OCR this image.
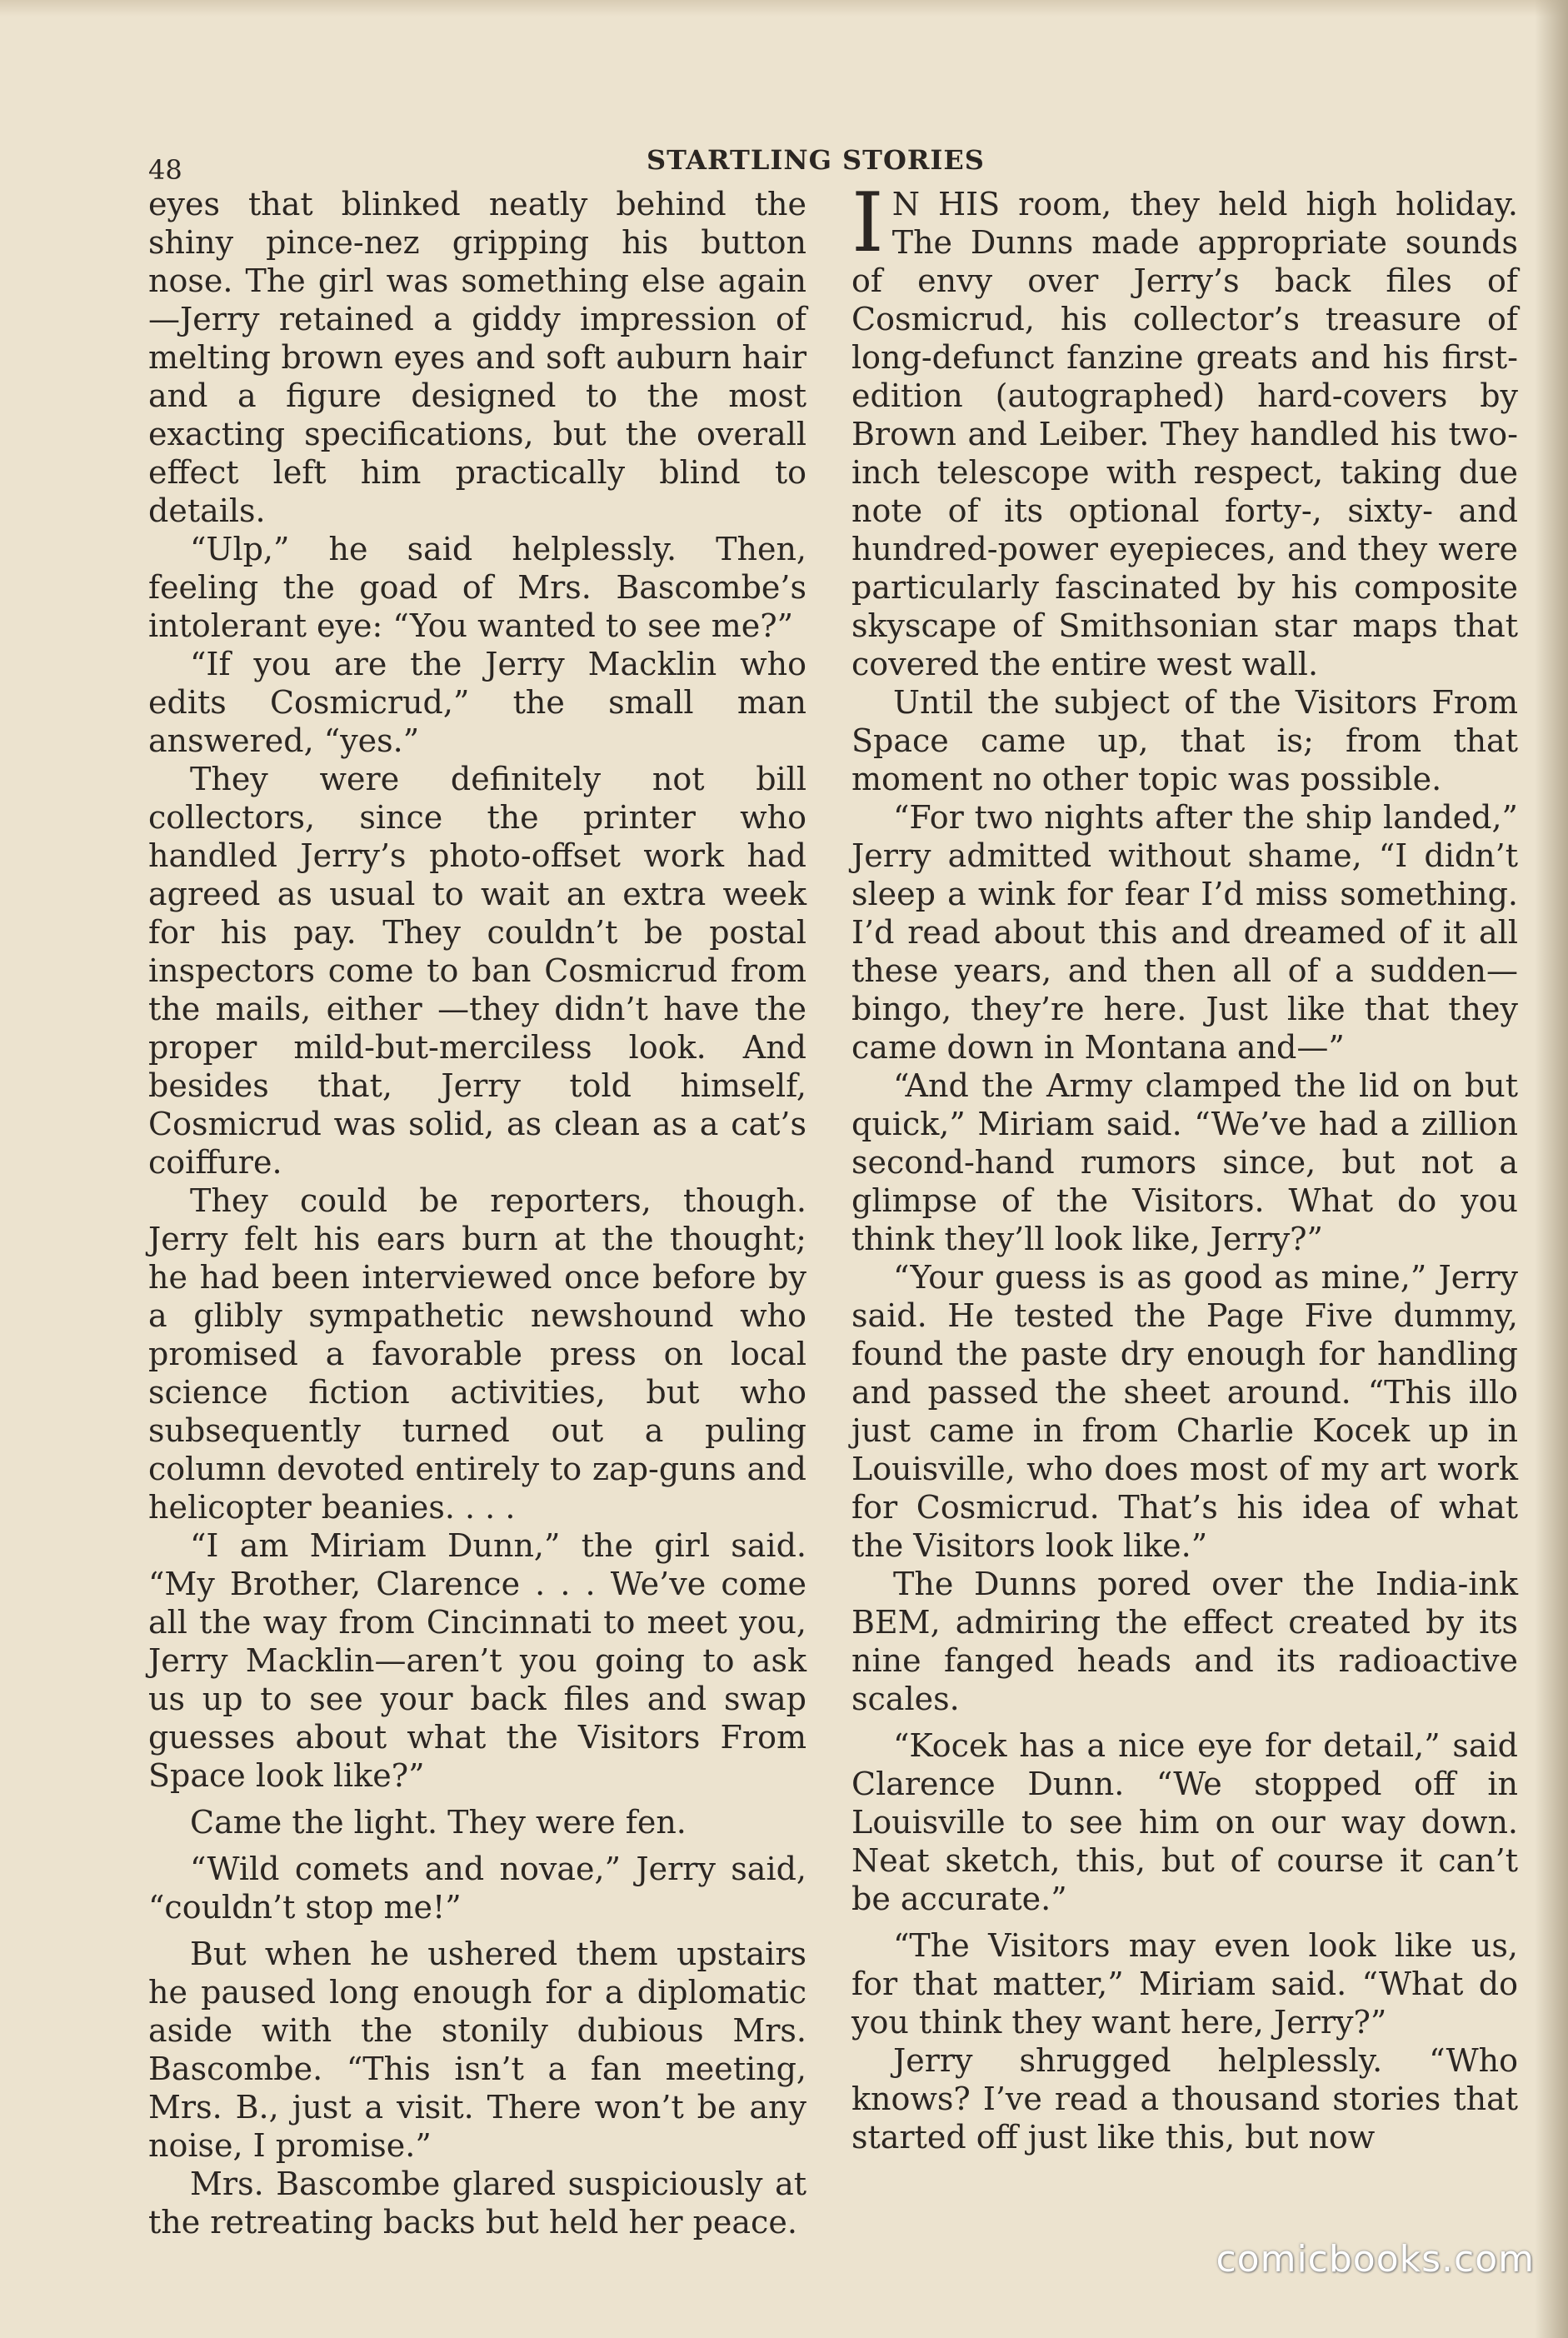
48	STARTLING STORIES

eyes that blinked neatly behind the shiny pince-nez gripping his button nose. The girl was something else again —Jerry retained a giddy impression of melting brown eyes and soft auburn hair and a figure designed to the most exacting specifications, but the overall effect left him practically blind to details.

“Ulp,” he said helplessly. Then, feeling the goad of Mrs. Bascombe’s intolerant eye: “You wanted to see me?”

“If you are the Jerry Macklin who edits Cosmicrud,” the small man answered, “yes.”

They were definitely not bill collectors, since the printer who handled Jerry’s photo-offset work had agreed as usual to wait an extra week for his pay. They couldn’t be postal inspectors come to ban Cosmicrud from the mails, either —they didn’t have the proper mild-but-merciless look. And besides that, Jerry told himself, Cosmicrud was solid, as clean as a cat’s coiffure.

They could be reporters, though. Jerry felt his ears burn at the thought; he had been interviewed once before by a glibly sympathetic newshound who promised a favorable press on local science fiction activities, but who subsequently turned out a puling column devoted entirely to zap-guns and helicopter beanies. . . .

“I am Miriam Dunn,” the girl said. “My Brother, Clarence . . . We’ve come all the way from Cincinnati to meet you, Jerry Macklin—aren’t you going to ask us up to see your back files and swap guesses about what the Visitors From Space look like?”

Came the light. They were fen.

“Wild comets and novae,” Jerry said, “couldn’t stop me!”

But when he ushered them upstairs he paused long enough for a diplomatic aside with the stonily dubious Mrs. Bascombe. “This isn’t a fan meeting, Mrs. B., just a visit. There won’t be any noise, I promise.”

Mrs. Bascombe glared suspiciously at the retreating backs but held her peace.

I N HIS room, they held high holiday. The Dunns made appropriate sounds of envy over Jerry’s back files of Cosmicrud, his collector’s treasure of long-defunct fanzine greats and his first-edition (autographed) hard-covers by Brown and Leiber. They handled his two-inch telescope with respect, taking due note of its optional forty-, sixty- and hundred-power eyepieces, and they were particularly fascinated by his composite skyscape of Smithsonian star maps that covered the entire west wall.

Until the subject of the Visitors From Space came up, that is; from that moment no other topic was possible.

“For two nights after the ship landed,” Jerry admitted without shame, “I didn’t sleep a wink for fear I’d miss something. I’d read about this and dreamed of it all these years, and then all of a sudden—bingo, they’re here. Just like that they came down in Montana and—”

“And the Army clamped the lid on but quick,” Miriam said. “We’ve had a zillion second-hand rumors since, but not a glimpse of the Visitors. What do you think they’ll look like, Jerry?”

“Your guess is as good as mine,” Jerry said. He tested the Page Five dummy, found the paste dry enough for handling and passed the sheet around. “This illo just came in from Charlie Kocek up in Louisville, who does most of my art work for Cosmicrud. That’s his idea of what the Visitors look like.”

The Dunns pored over the India-ink BEM, admiring the effect created by its nine fanged heads and its radioactive scales.

“Kocek has a nice eye for detail,” said Clarence Dunn. “We stopped off in Louisville to see him on our way down. Neat sketch, this, but of course it can’t be accurate.”

“The Visitors may even look like us, for that matter,” Miriam said. “What do you think they want here, Jerry?”

Jerry shrugged helplessly. “Who knows? I’ve read a thousand stories that started off just like this, but now

comicbooks.com
